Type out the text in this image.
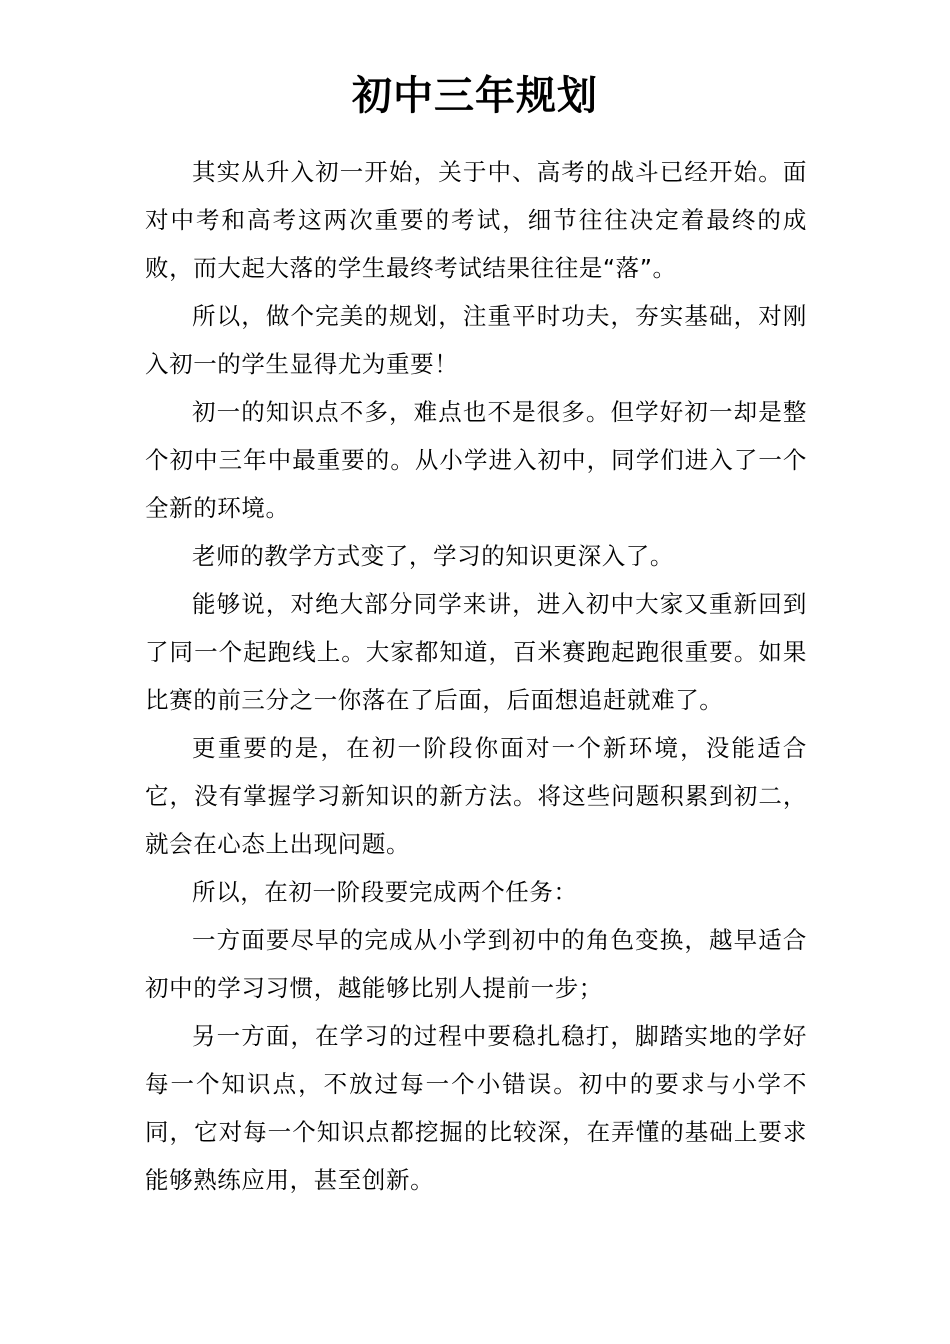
初中三年规划

其实从升入初一开始，关于中、高考的战斗已经开始。面对中考和高考这两次重要的考试，细节往往决定着最终的成败，而大起大落的学生最终考试结果往往是“落”。

所以，做个完美的规划，注重平时功夫，夯实基础，对刚入初一的学生显得尤为重要！

初一的知识点不多，难点也不是很多。但学好初一却是整个初中三年中最重要的。从小学进入初中，同学们进入了一个全新的环境。

老师的教学方式变了，学习的知识更深入了。

能够说，对绝大部分同学来讲，进入初中大家又重新回到了同一个起跑线上。大家都知道，百米赛跑起跑很重要。如果比赛的前三分之一你落在了后面，后面想追赶就难了。

更重要的是，在初一阶段你面对一个新环境，没能适合它，没有掌握学习新知识的新方法。将这些问题积累到初二，就会在心态上出现问题。

所以，在初一阶段要完成两个任务：

一方面要尽早的完成从小学到初中的角色变换，越早适合初中的学习习惯，越能够比别人提前一步；

另一方面，在学习的过程中要稳扎稳打，脚踏实地的学好每一个知识点，不放过每一个小错误。初中的要求与小学不同，它对每一个知识点都挖掘的比较深，在弄懂的基础上要求能够熟练应用，甚至创新。
